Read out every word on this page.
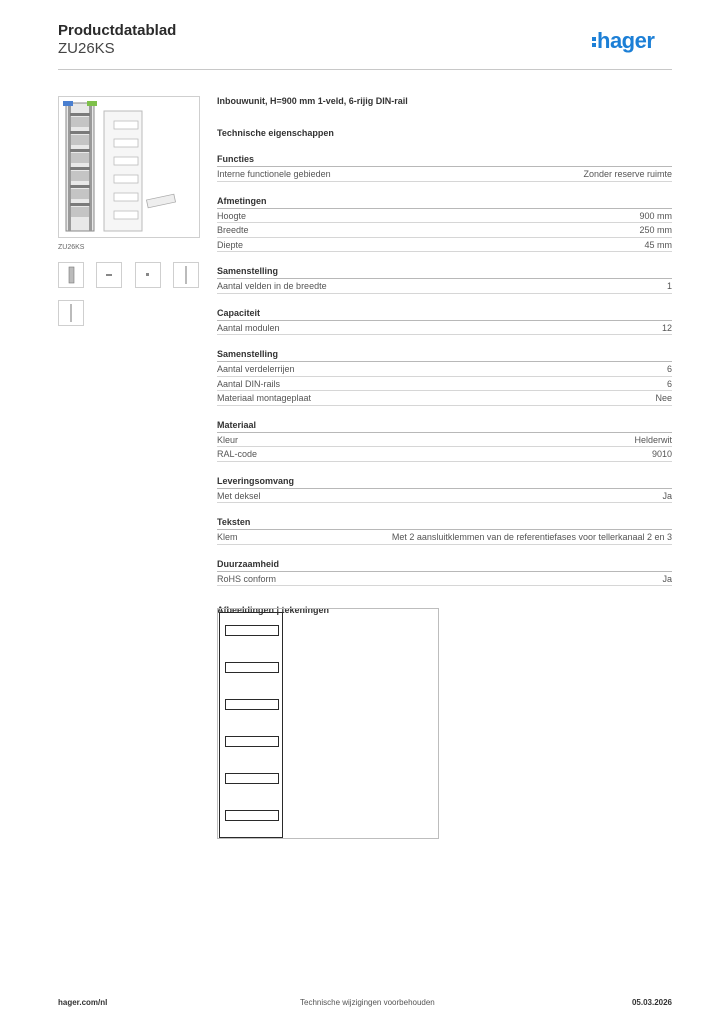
Productdatablad
ZU26KS	hager
ZU26KS
Inbouwunit, H=900 mm 1-veld, 6-rijig DIN-rail
Technische eigenschappen
Functies
Interne functionele gebieden	Zonder reserve ruimte
Afmetingen
Hoogte	900 mm
Breedte	250 mm
Diepte	45 mm
Samenstelling
Aantal velden in de breedte	1
Capaciteit
Aantal modulen	12
Samenstelling
Aantal verdelerrijen	6
Aantal DIN-rails	6
Materiaal montageplaat	Nee
Materiaal
Kleur	Helderwit
RAL-code	9010
Leveringsomvang
Met deksel	Ja
Teksten
Klem	Met 2 aansluitklemmen van de referentiefases voor tellerkanaal 2 en 3
Duurzaamheid
RoHS conform	Ja
Afbeeldingen | tekeningen
hager.com/nl	Technische wijzigingen voorbehouden	05.03.2026
